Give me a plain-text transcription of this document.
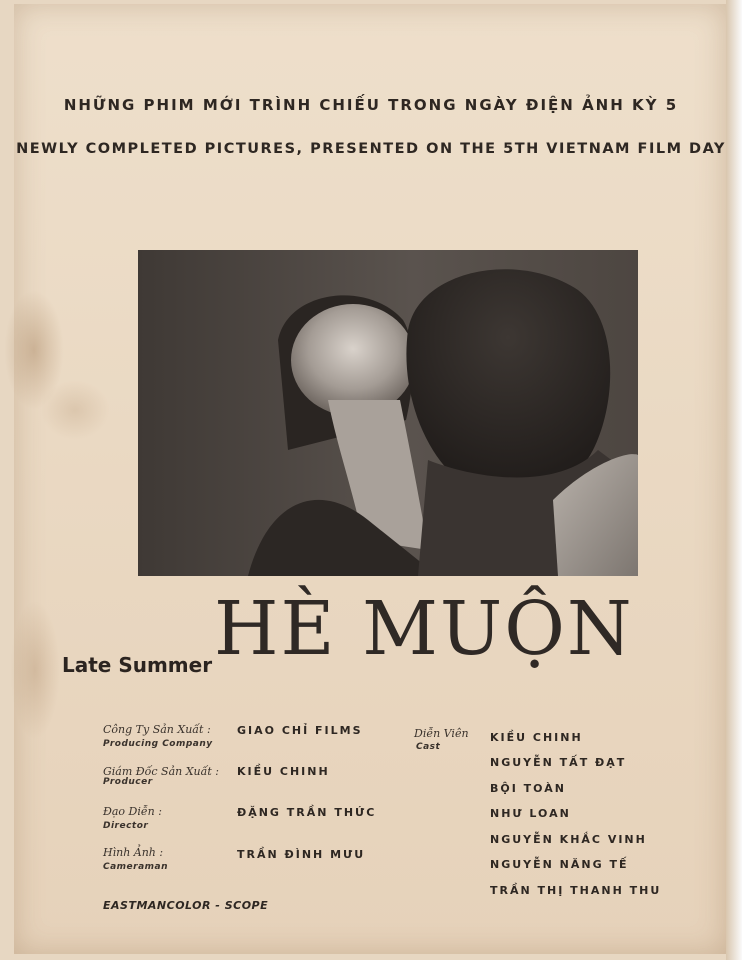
NHỮNG PHIM MỚI TRÌNH CHIẾU TRONG NGÀY ĐIỆN ẢNH KỲ 5
NEWLY COMPLETED PICTURES, PRESENTED ON THE 5TH VIETNAM FILM DAY
Late Summer HÈ MUỘN
Công Ty Sản Xuất :
Producing Company
GIAO CHỈ FILMS
Giám Đốc Sản Xuất :
Producer
KIỀU CHINH
Đạo Diễn :
Director
ĐẶNG TRẦN THỨC
Hình Ảnh :
Cameraman
TRẦN ĐÌNH MƯU
Diễn Viên
Cast
KIỀU CHINH
NGUYỄN TẤT ĐẠT
BỘI TOÀN
NHƯ LOAN
NGUYỄN KHẮC VINH
NGUYỄN NĂNG TẾ
TRẦN THỊ THANH THU
EASTMANCOLOR - SCOPE
